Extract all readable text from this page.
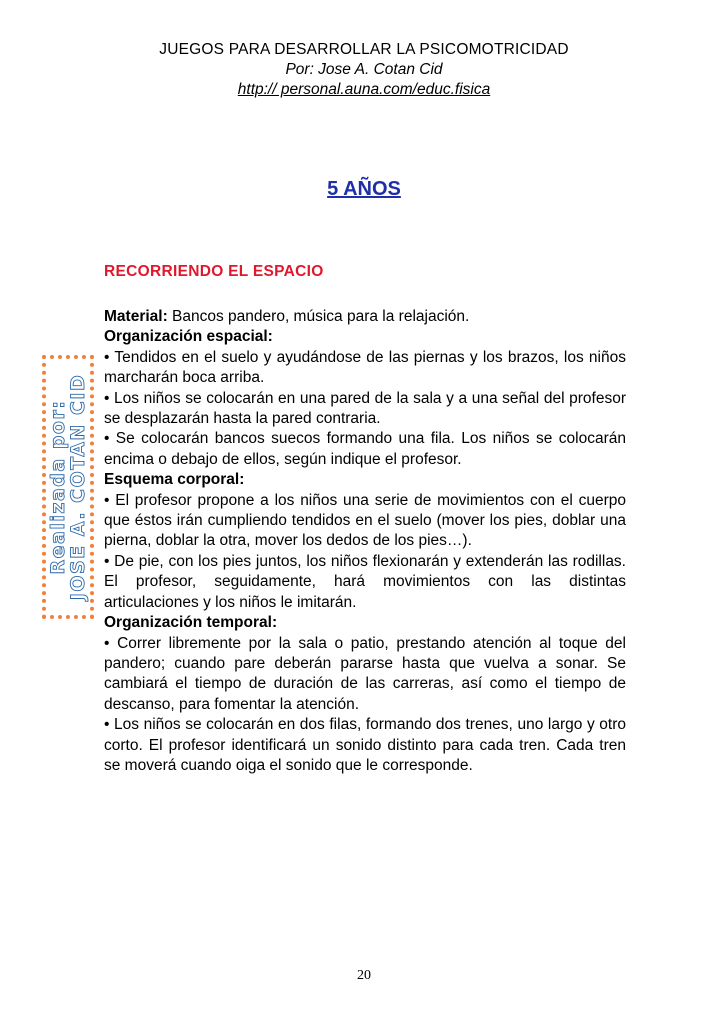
JUEGOS PARA DESARROLLAR LA PSICOMOTRICIDAD
Por: Jose A. Cotan Cid
http:// personal.auna.com/educ.fisica
5 AÑOS
RECORRIENDO EL ESPACIO

Material: Bancos pandero, música para la relajación.

Organización espacial:

• Tendidos en el suelo y ayudándose de las piernas y los brazos, los niños marcharán boca arriba.

• Los niños se colocarán en una pared de la sala y a una señal del profesor se desplazarán hasta la pared contraria.

• Se colocarán bancos suecos formando una fila. Los niños se colocarán encima o debajo de ellos, según indique el profesor.

Esquema corporal:

• El profesor propone a los niños una serie de movimientos con el cuerpo que éstos irán cumpliendo tendidos en el suelo (mover los pies, doblar una pierna, doblar la otra, mover los dedos de los pies…).

• De pie, con los pies juntos, los niños flexionarán y extenderán las rodillas. El profesor, seguidamente, hará movimientos con las distintas articulaciones y los niños le imitarán.

Organización temporal:

• Correr libremente por la sala o patio, prestando atención al toque del pandero; cuando pare deberán pararse hasta que vuelva a sonar. Se cambiará el tiempo de duración de las carreras, así como el tiempo de descanso, para fomentar la atención.

• Los niños se colocarán en dos filas, formando dos trenes, uno largo y otro corto. El profesor identificará un sonido distinto para cada tren. Cada tren se moverá cuando oiga el sonido que le corresponde.

Realizada por:
JOSE A. COTAN CID
20
